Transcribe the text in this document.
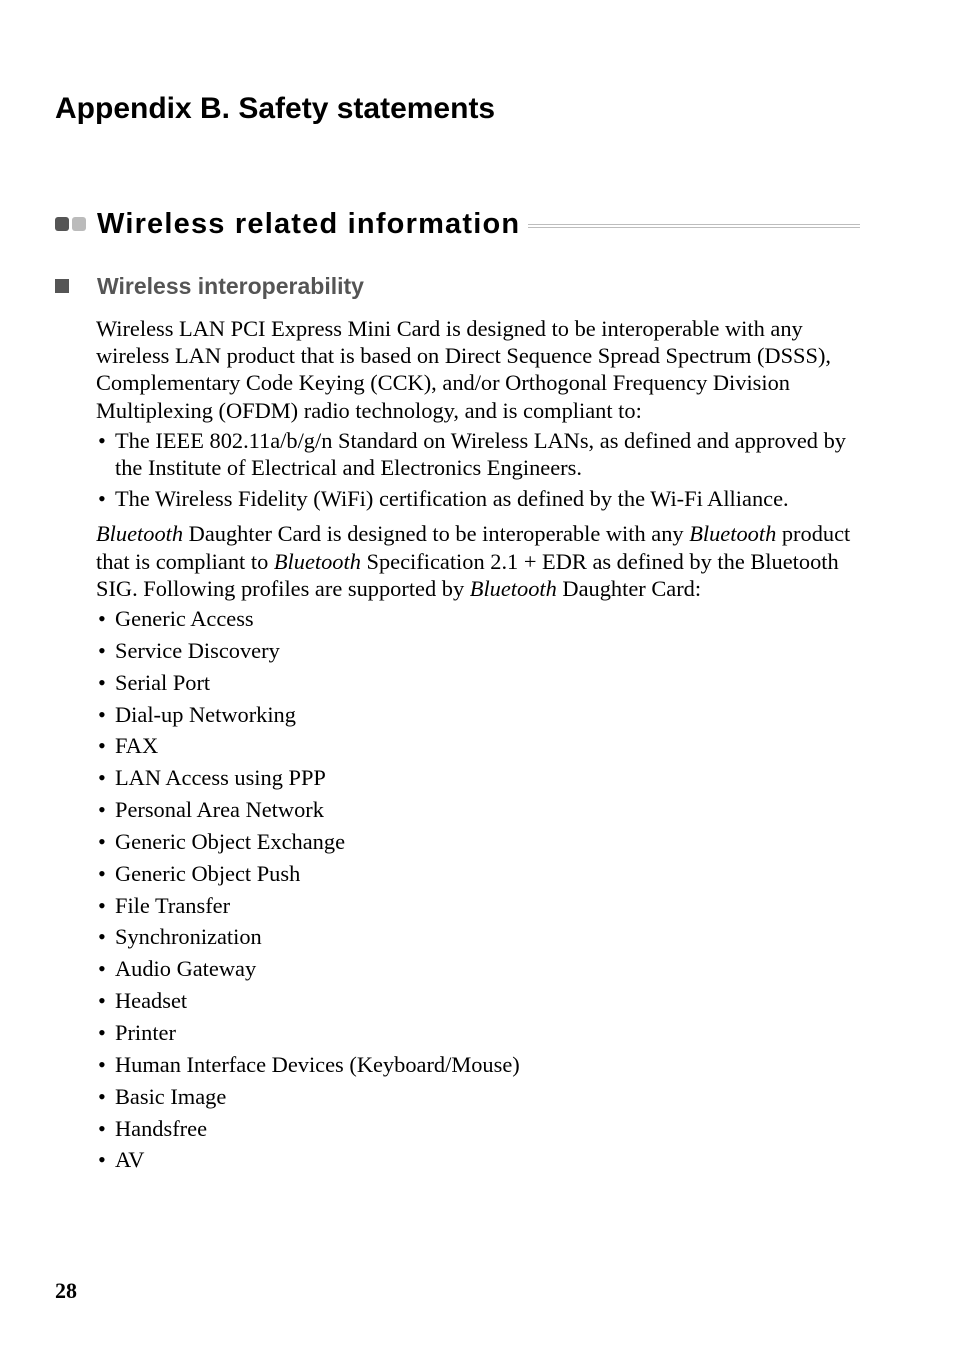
Appendix B. Safety statements
Wireless related information
Wireless interoperability

Wireless LAN PCI Express Mini Card is designed to be interoperable with any wireless LAN product that is based on Direct Sequence Spread Spectrum (DSSS), Complementary Code Keying (CCK), and/or Orthogonal Frequency Division Multiplexing (OFDM) radio technology, and is compliant to:

• The IEEE 802.11a/b/g/n Standard on Wireless LANs, as defined and approved by the Institute of Electrical and Electronics Engineers.
• The Wireless Fidelity (WiFi) certification as defined by the Wi-Fi Alliance.

Bluetooth Daughter Card is designed to be interoperable with any Bluetooth product that is compliant to Bluetooth Specification 2.1 + EDR as defined by the Bluetooth SIG. Following profiles are supported by Bluetooth Daughter Card:

• Generic Access
• Service Discovery
• Serial Port
• Dial-up Networking
• FAX
• LAN Access using PPP
• Personal Area Network
• Generic Object Exchange
• Generic Object Push
• File Transfer
• Synchronization
• Audio Gateway
• Headset
• Printer
• Human Interface Devices (Keyboard/Mouse)
• Basic Image
• Handsfree
• AV
28
